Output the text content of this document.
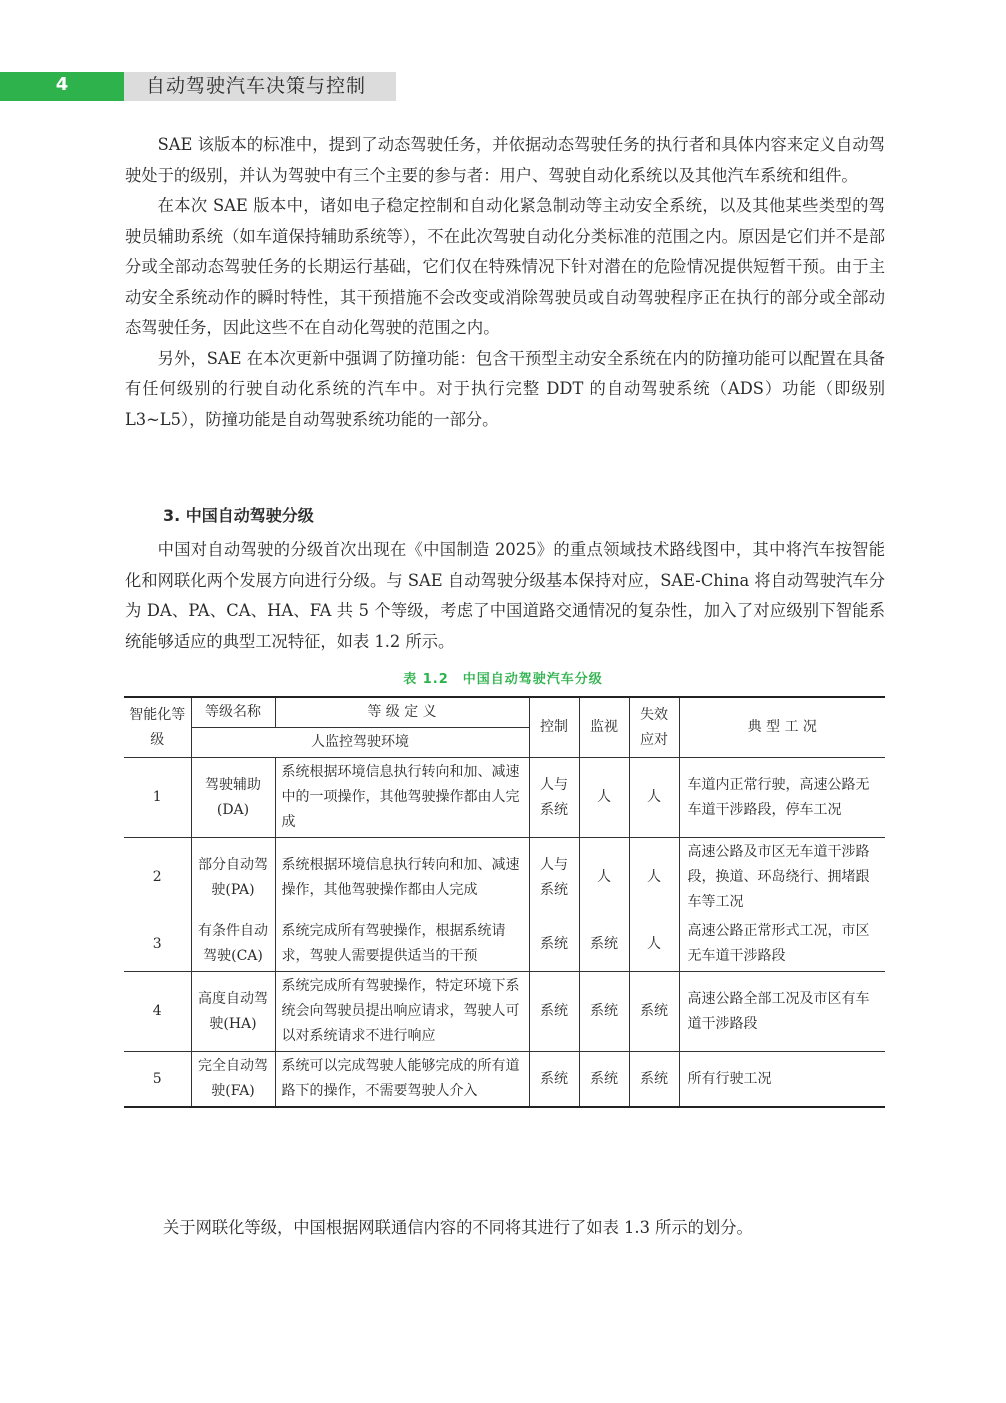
4	自动驾驶汽车决策与控制

SAE 该版本的标准中，提到了动态驾驶任务，并依据动态驾驶任务的执行者和具体内容来定义自动驾驶处于的级别，并认为驾驶中有三个主要的参与者：用户、驾驶自动化系统以及其他汽车系统和组件。

在本次 SAE 版本中，诸如电子稳定控制和自动化紧急制动等主动安全系统，以及其他某些类型的驾驶员辅助系统（如车道保持辅助系统等），不在此次驾驶自动化分类标准的范围之内。原因是它们并不是部分或全部动态驾驶任务的长期运行基础，它们仅在特殊情况下针对潜在的危险情况提供短暂干预。由于主动安全系统动作的瞬时特性，其干预措施不会改变或消除驾驶员或自动驾驶程序正在执行的部分或全部动态驾驶任务，因此这些不在自动化驾驶的范围之内。

另外，SAE 在本次更新中强调了防撞功能：包含干预型主动安全系统在内的防撞功能可以配置在具备有任何级别的行驶自动化系统的汽车中。对于执行完整 DDT 的自动驾驶系统（ADS）功能（即级别 L3~L5），防撞功能是自动驾驶系统功能的一部分。

3. 中国自动驾驶分级

中国对自动驾驶的分级首次出现在《中国制造 2025》的重点领域技术路线图中，其中将汽车按智能化和网联化两个发展方向进行分级。与 SAE 自动驾驶分级基本保持对应，SAE-China 将自动驾驶汽车分为 DA、PA、CA、HA、FA 共 5 个等级，考虑了中国道路交通情况的复杂性，加入了对应级别下智能系统能够适应的典型工况特征，如表 1.2 所示。

表 1.2　中国自动驾驶汽车分级
智能化等级	等级名称	等 级 定 义	控制	监视	失效应对	典 型 工 况
	人监控驾驶环境					
1	驾驶辅助(DA)	系统根据环境信息执行转向和加、减速中的一项操作，其他驾驶操作都由人完成	人与系统	人	人	车道内正常行驶，高速公路无车道干涉路段，停车工况
2	部分自动驾驶(PA)	系统根据环境信息执行转向和加、减速操作，其他驾驶操作都由人完成	人与系统	人	人	高速公路及市区无车道干涉路段，换道、环岛绕行、拥堵跟车等工况
3	有条件自动驾驶(CA)	系统完成所有驾驶操作，根据系统请求，驾驶人需要提供适当的干预	系统	系统	人	高速公路正常形式工况，市区无车道干涉路段
4	高度自动驾驶(HA)	系统完成所有驾驶操作，特定环境下系统会向驾驶员提出响应请求，驾驶人可以对系统请求不进行响应	系统	系统	系统	高速公路全部工况及市区有车道干涉路段
5	完全自动驾驶(FA)	系统可以完成驾驶人能够完成的所有道路下的操作，不需要驾驶人介入	系统	系统	系统	所有行驶工况
关于网联化等级，中国根据网联通信内容的不同将其进行了如表 1.3 所示的划分。
